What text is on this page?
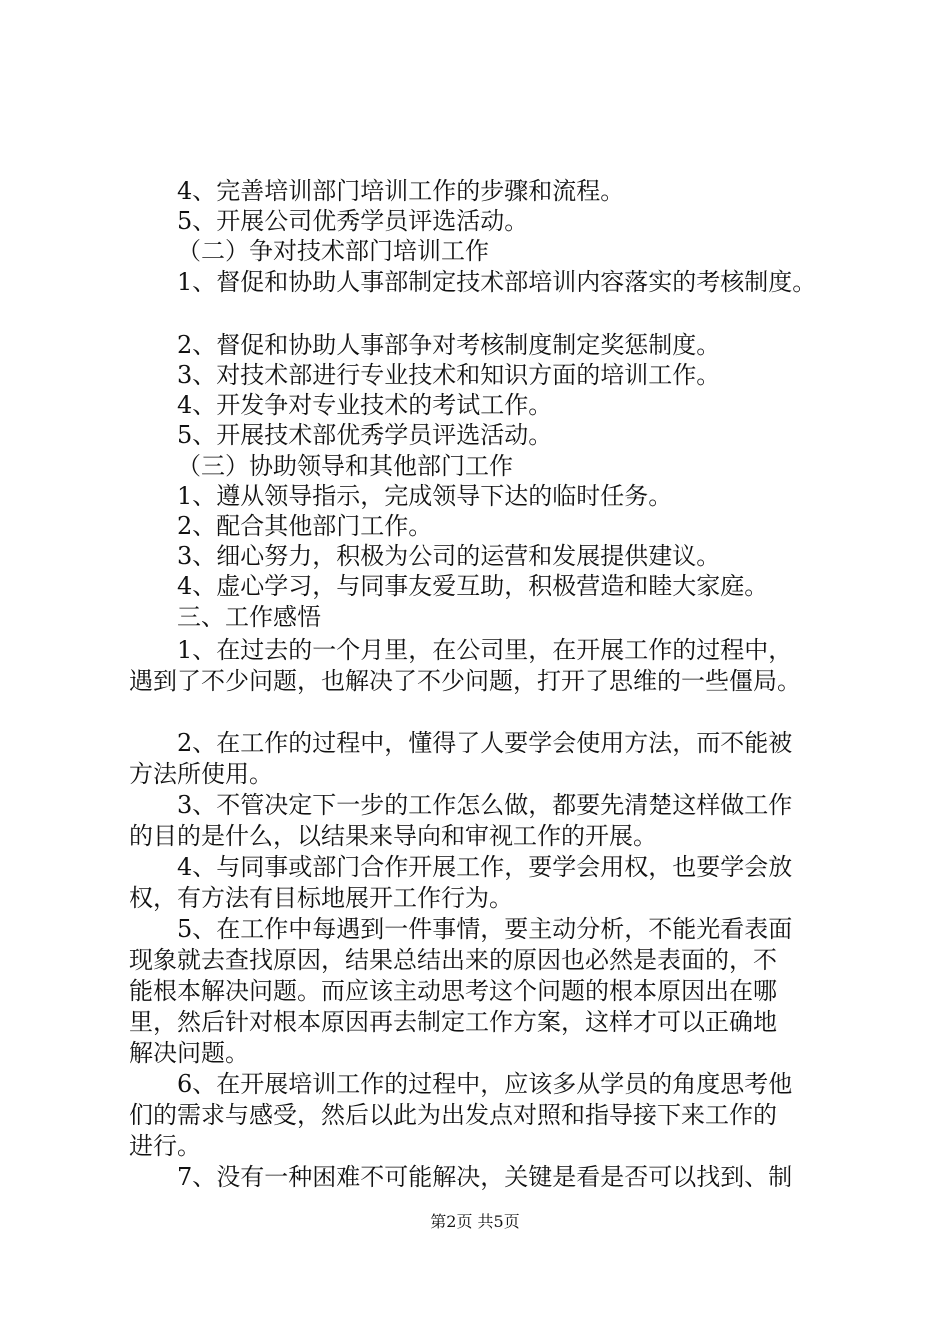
4、完善培训部门培训工作的步骤和流程。
5、开展公司优秀学员评选活动。
（二）争对技术部门培训工作
1、督促和协助人事部制定技术部培训内容落实的考核制度。
2、督促和协助人事部争对考核制度制定奖惩制度。
3、对技术部进行专业技术和知识方面的培训工作。
4、开发争对专业技术的考试工作。
5、开展技术部优秀学员评选活动。
（三）协助领导和其他部门工作
1、遵从领导指示，完成领导下达的临时任务。
2、配合其他部门工作。
3、细心努力，积极为公司的运营和发展提供建议。
4、虚心学习，与同事友爱互助，积极营造和睦大家庭。
三、工作感悟
1、在过去的一个月里，在公司里，在开展工作的过程中，
遇到了不少问题，也解决了不少问题，打开了思维的一些僵局。
2、在工作的过程中，懂得了人要学会使用方法，而不能被
方法所使用。
3、不管决定下一步的工作怎么做，都要先清楚这样做工作
的目的是什么，以结果来导向和审视工作的开展。
4、与同事或部门合作开展工作，要学会用权，也要学会放
权，有方法有目标地展开工作行为。
5、在工作中每遇到一件事情，要主动分析，不能光看表面
现象就去查找原因，结果总结出来的原因也必然是表面的，不
能根本解决问题。而应该主动思考这个问题的根本原因出在哪
里，然后针对根本原因再去制定工作方案，这样才可以正确地
解决问题。
6、在开展培训工作的过程中，应该多从学员的角度思考他
们的需求与感受，然后以此为出发点对照和指导接下来工作的
进行。
7、没有一种困难不可能解决，关键是看是否可以找到、制
第2页 共5页
